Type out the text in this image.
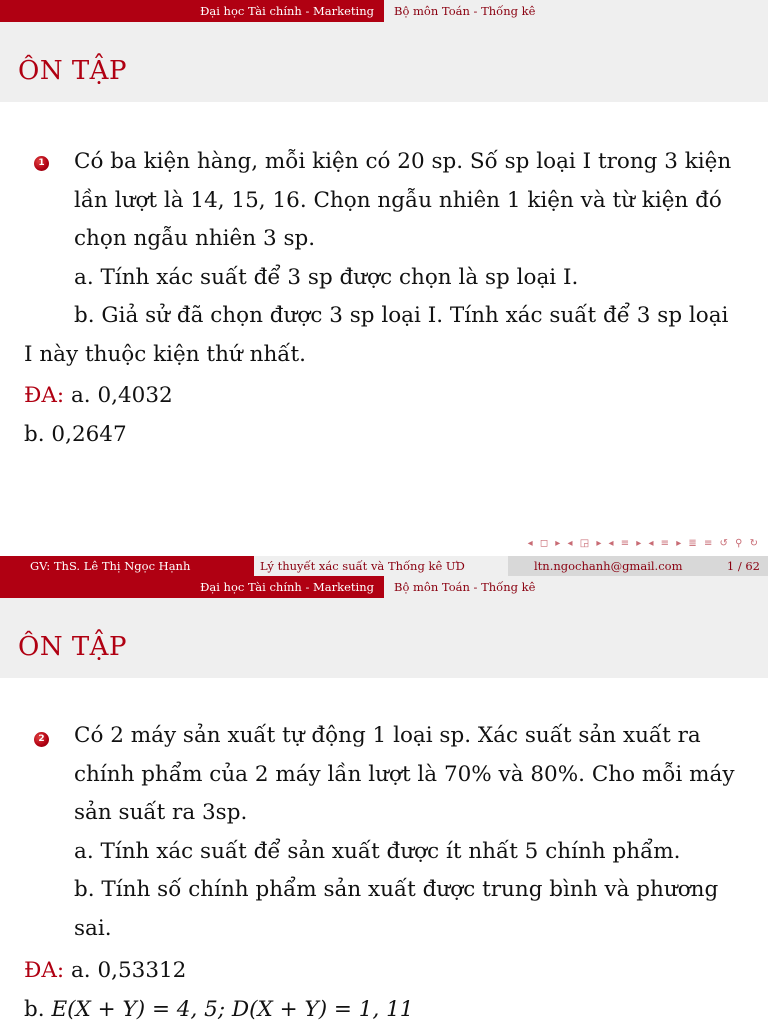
Đại học Tài chính - Marketing	Bộ môn Toán - Thống kê
ÔN TẬP
1 Có ba kiện hàng, mỗi kiện có 20 sp. Số sp loại I trong 3 kiện
lần lượt là 14, 15, 16. Chọn ngẫu nhiên 1 kiện và từ kiện đó
chọn ngẫu nhiên 3 sp.
a. Tính xác suất để 3 sp được chọn là sp loại I.
b. Giả sử đã chọn được 3 sp loại I. Tính xác suất để 3 sp loại
I này thuộc kiện thứ nhất.
ĐA: a. 0,4032
b. 0,2647
◂ ◻ ▸ ◂ ◲ ▸ ◂ ≡ ▸ ◂ ≡ ▸ ≣ ≡ ↺ ⚲ ↻
GV: ThS. Lê Thị Ngọc Hạnh	Lý thuyết xác suất và Thống kê ƯD	ltn.ngochanh@gmail.com	1 / 62
Đại học Tài chính - Marketing	Bộ môn Toán - Thống kê
ÔN TẬP
2 Có 2 máy sản xuất tự động 1 loại sp. Xác suất sản xuất ra
chính phẩm của 2 máy lần lượt là 70% và 80%. Cho mỗi máy
sản suất ra 3sp.
a. Tính xác suất để sản xuất được ít nhất 5 chính phẩm.
b. Tính số chính phẩm sản xuất được trung bình và phương
sai.
ĐA: a. 0,53312
b. E(X + Y) = 4, 5; D(X + Y) = 1, 11
